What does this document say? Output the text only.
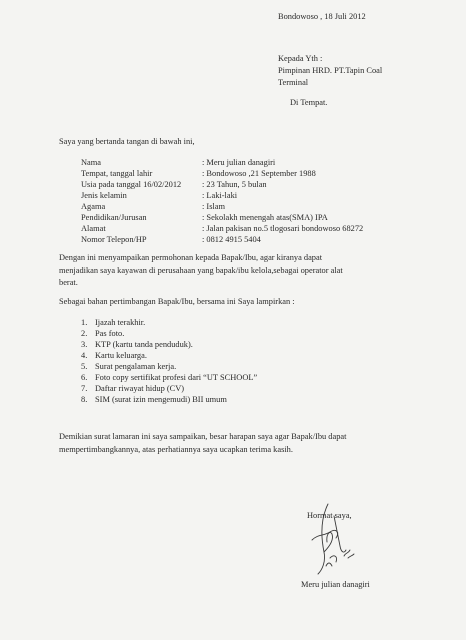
Bondowoso , 18 Juli 2012
Kepada Yth :
Pimpinan HRD. PT.Tapin Coal
Terminal
Di Tempat.
Saya yang bertanda tangan di bawah ini,
Nama	: Meru julian danagiri
Tempat, tanggal lahir	: Bondowoso ,21 September 1988
Usia pada tanggal 16/02/2012 : 23 Tahun, 5 bulan
Jenis kelamin	: Laki-laki
Agama	: Islam
Pendidikan/Jurusan	: Sekolakh menengah atas(SMA) IPA
Alamat	: Jalan pakisan no.5 tlogosari bondowoso 68272
Nomor Telepon/HP	: 0812 4915 5404
Dengan ini menyampaikan permohonan kepada Bapak/Ibu, agar kiranya dapat
menjadikan saya kayawan di perusahaan yang bapak/ibu kelola,sebagai operator alat
berat.
Sebagai bahan pertimbangan Bapak/Ibu, bersama ini Saya lampirkan :
1. Ijazah terakhir.
2. Pas foto.
3. KTP (kartu tanda penduduk).
4. Kartu keluarga.
5. Surat pengalaman kerja.
6. Foto copy sertifikat profesi dari “UT SCHOOL”
7. Daftar riwayat hidup (CV)
8. SIM (surat izin mengemudi) BII umum
Demikian surat lamaran ini saya sampaikan, besar harapan saya agar Bapak/Ibu dapat
mempertimbangkannya, atas perhatiannya saya ucapkan terima kasih.
Hormat saya,
Meru julian danagiri
